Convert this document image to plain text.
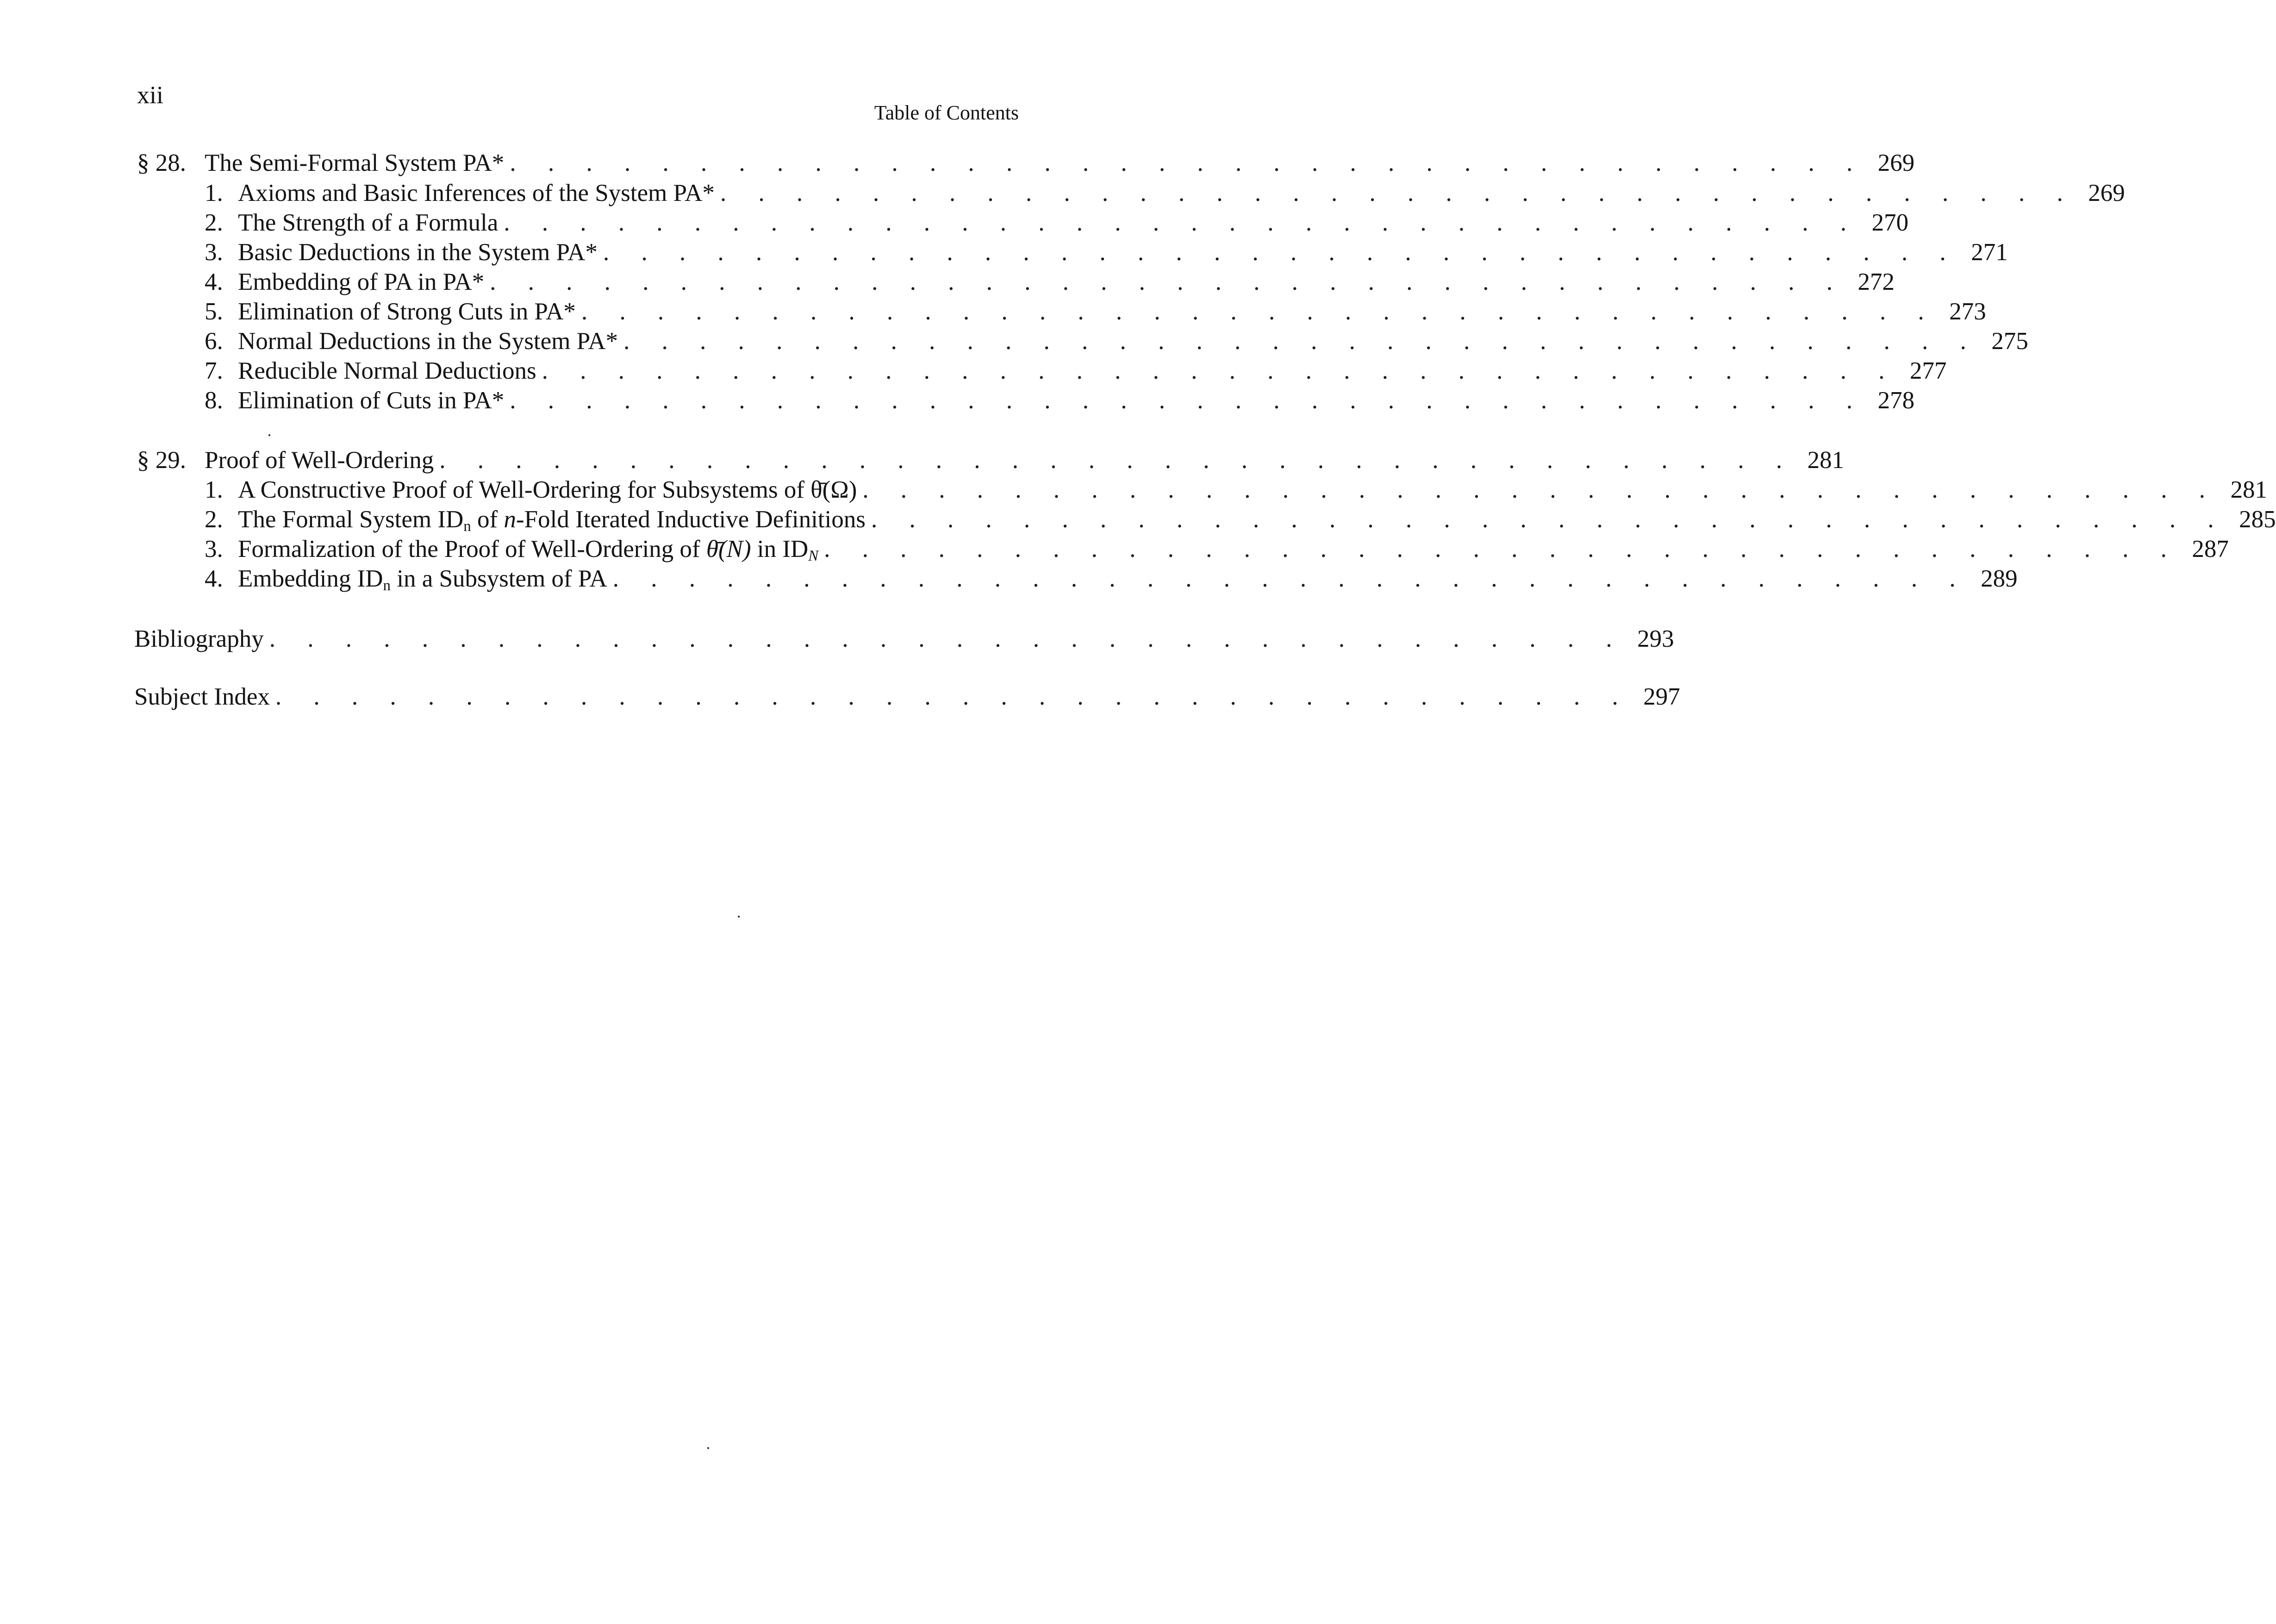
xii
Table of Contents
§ 28. The Semi-Formal System PA* . . . . . . . . . . . . . . . . . . . . . . . . . . . . . . . . . . . . 269
1. Axioms and Basic Inferences of the System PA* . . . . . . . . . . . . . . . . . . . . . . . . . . . . . . . . . . . . 269
2. The Strength of a Formula . . . . . . . . . . . . . . . . . . . . . . . . . . . . . . . . . . . . 270
3. Basic Deductions in the System PA* . . . . . . . . . . . . . . . . . . . . . . . . . . . . . . . . . . . . 271
4. Embedding of PA in PA* . . . . . . . . . . . . . . . . . . . . . . . . . . . . . . . . . . . . 272
5. Elimination of Strong Cuts in PA* . . . . . . . . . . . . . . . . . . . . . . . . . . . . . . . . . . . . 273
6. Normal Deductions in the System PA* . . . . . . . . . . . . . . . . . . . . . . . . . . . . . . . . . . . . 275
7. Reducible Normal Deductions . . . . . . . . . . . . . . . . . . . . . . . . . . . . . . . . . . . . 277
8. Elimination of Cuts in PA* . . . . . . . . . . . . . . . . . . . . . . . . . . . . . . . . . . . . 278
§ 29. Proof of Well-Ordering . . . . . . . . . . . . . . . . . . . . . . . . . . . . . . . . . . . . 281
1. A Constructive Proof of Well-Ordering for Subsystems of θ̄(Ω) . . . . . . . . . . . . . . . . . . . . . . . . . . . . . . . . . . . . 281
2. The Formal System $ID_n$ of n-Fold Iterated Inductive Definitions . . . . . . . . . . . . . . . . . . . . . . . . . . . . . . . . . . . . 285
3. Formalization of the Proof of Well-Ordering of θ̄(N) in $ID_N$ . . . . . . . . . . . . . . . . . . . . . . . . . . . . . . . . . . . . 287
4. Embedding $ID_n$ in a Subsystem of PA . . . . . . . . . . . . . . . . . . . . . . . . . . . . . . . . . . . . 289
Bibliography . . . . . . . . . . . . . . . . . . . . . . . . . . . . . . . . . . . . 293
Subject Index . . . . . . . . . . . . . . . . . . . . . . . . . . . . . . . . . . . . 297
